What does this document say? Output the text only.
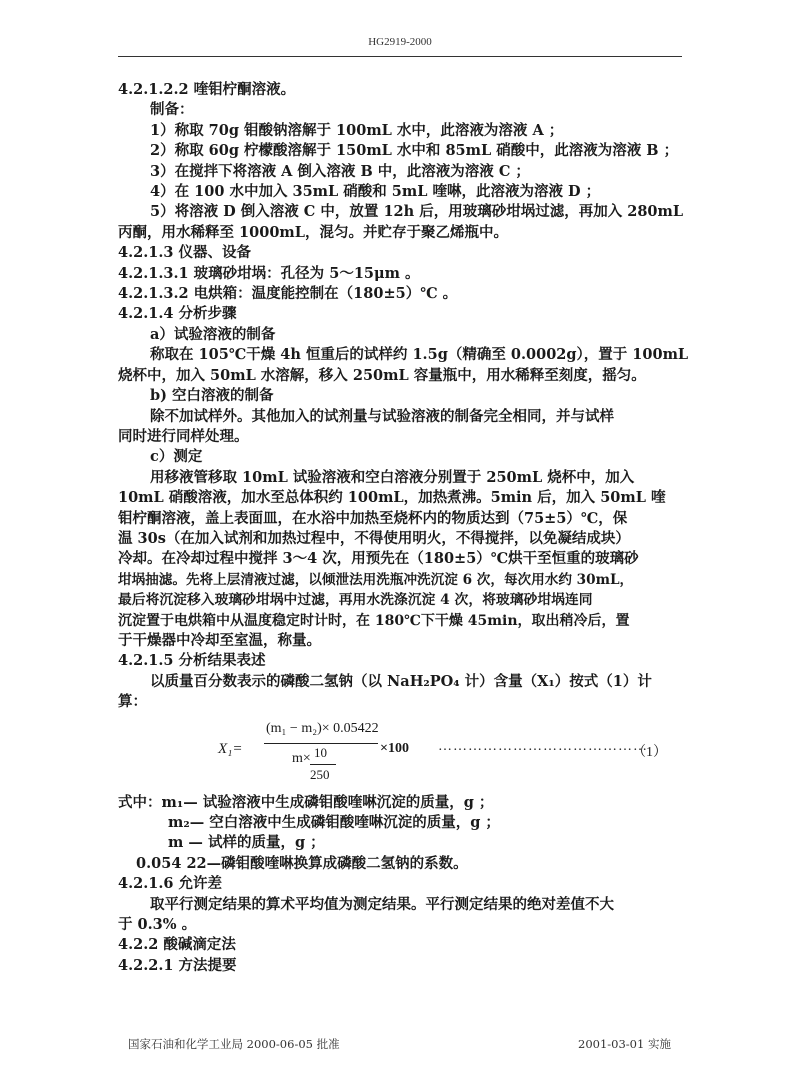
HG2919-2000
4.2.1.2.2 喹钼柠酮溶液。
制备：
1）称取 70g 钼酸钠溶解于 100mL 水中，此溶液为溶液 A ；
2）称取 60g 柠檬酸溶解于 150mL 水中和 85mL 硝酸中，此溶液为溶液 B ；
3）在搅拌下将溶液 A 倒入溶液 B 中，此溶液为溶液 C ；
4）在 100 水中加入 35mL 硝酸和 5mL 喹啉，此溶液为溶液 D ；
5）将溶液 D 倒入溶液 C 中，放置 12h 后，用玻璃砂坩埚过滤，再加入 280mL
丙酮，用水稀释至 1000mL，混匀。并贮存于聚乙烯瓶中。
4.2.1.3 仪器、设备
4.2.1.3.1 玻璃砂坩埚：孔径为 5～15μm 。
4.2.1.3.2 电烘箱：温度能控制在（180±5）℃ 。
4.2.1.4 分析步骤
a）试验溶液的制备
称取在 105℃干燥 4h 恒重后的试样约 1.5g（精确至 0.0002g），置于 100mL
烧杯中，加入 50mL 水溶解，移入 250mL 容量瓶中，用水稀释至刻度，摇匀。
b) 空白溶液的制备
除不加试样外。其他加入的试剂量与试验溶液的制备完全相同，并与试样
同时进行同样处理。
c）测定
用移液管移取 10mL 试验溶液和空白溶液分别置于 250mL 烧杯中，加入
10mL 硝酸溶液，加水至总体积约 100mL，加热煮沸。5min 后，加入 50mL 喹
钼柠酮溶液，盖上表面皿，在水浴中加热至烧杯内的物质达到（75±5）℃，保
温 30s（在加入试剂和加热过程中，不得使用明火，不得搅拌，以免凝结成块）
冷却。在冷却过程中搅拌 3～4 次，用预先在（180±5）℃烘干至恒重的玻璃砂
坩埚抽滤。先将上层清液过滤，以倾泄法用洗瓶冲洗沉淀 6 次，每次用水约 30mL，
最后将沉淀移入玻璃砂坩埚中过滤，再用水洗涤沉淀 4 次，将玻璃砂坩埚连同
沉淀置于电烘箱中从温度稳定时计时，在 180℃下干燥 45min，取出稍冷后，置
于干燥器中冷却至室温，称量。
4.2.1.5 分析结果表述
以质量百分数表示的磷酸二氢钠（以 NaH₂PO₄ 计）含量（X₁）按式（1）计
算：
X₁=
(m₁ − m₂)× 0.05422
m× 10
250
×100 ……………………………………
（1）
式中：m₁— 试验溶液中生成磷钼酸喹啉沉淀的质量，g ；
m₂— 空白溶液中生成磷钼酸喹啉沉淀的质量，g ；
m — 试样的质量，g ；
0.054 22—磷钼酸喹啉换算成磷酸二氢钠的系数。
4.2.1.6 允许差
取平行测定结果的算术平均值为测定结果。平行测定结果的绝对差值不大
于 0.3% 。
4.2.2 酸碱滴定法
4.2.2.1 方法提要
国家石油和化学工业局 2000-06-05 批准	2001-03-01 实施
